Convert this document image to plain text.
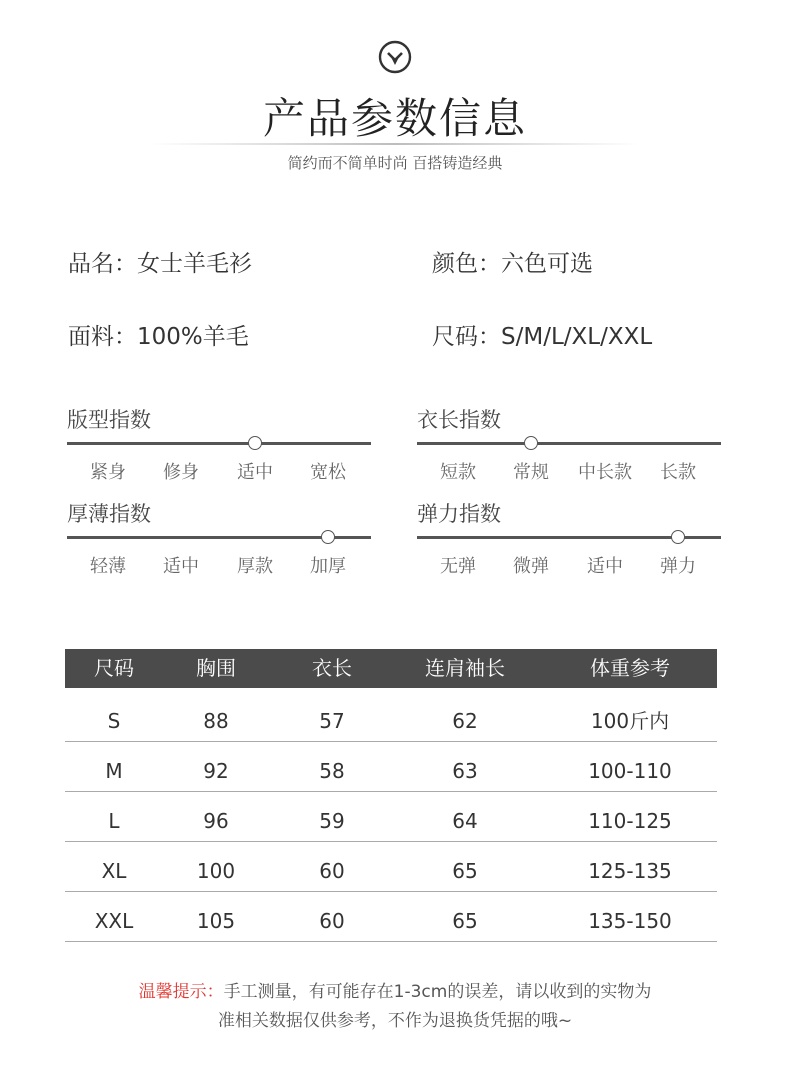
产品参数信息
简约而不简单时尚 百搭铸造经典
品名：女士羊毛衫	颜色：六色可选
面料：100%羊毛	尺码：S/M/L/XL/XXL
版型指数
紧身	修身	适中	宽松
衣长指数
短款	常规	中长款	长款
厚薄指数
轻薄	适中	厚款	加厚
弹力指数
无弹	微弹	适中	弹力
尺码	胸围	衣长	连肩袖长	体重参考
S	88	57	62	100斤内
M	92	58	63	100-110
L	96	59	64	110-125
XL	100	60	65	125-135
XXL	105	60	65	135-150
温馨提示：手工测量，有可能存在1-3cm的误差，请以收到的实物为
准相关数据仅供参考，不作为退换货凭据的哦~
